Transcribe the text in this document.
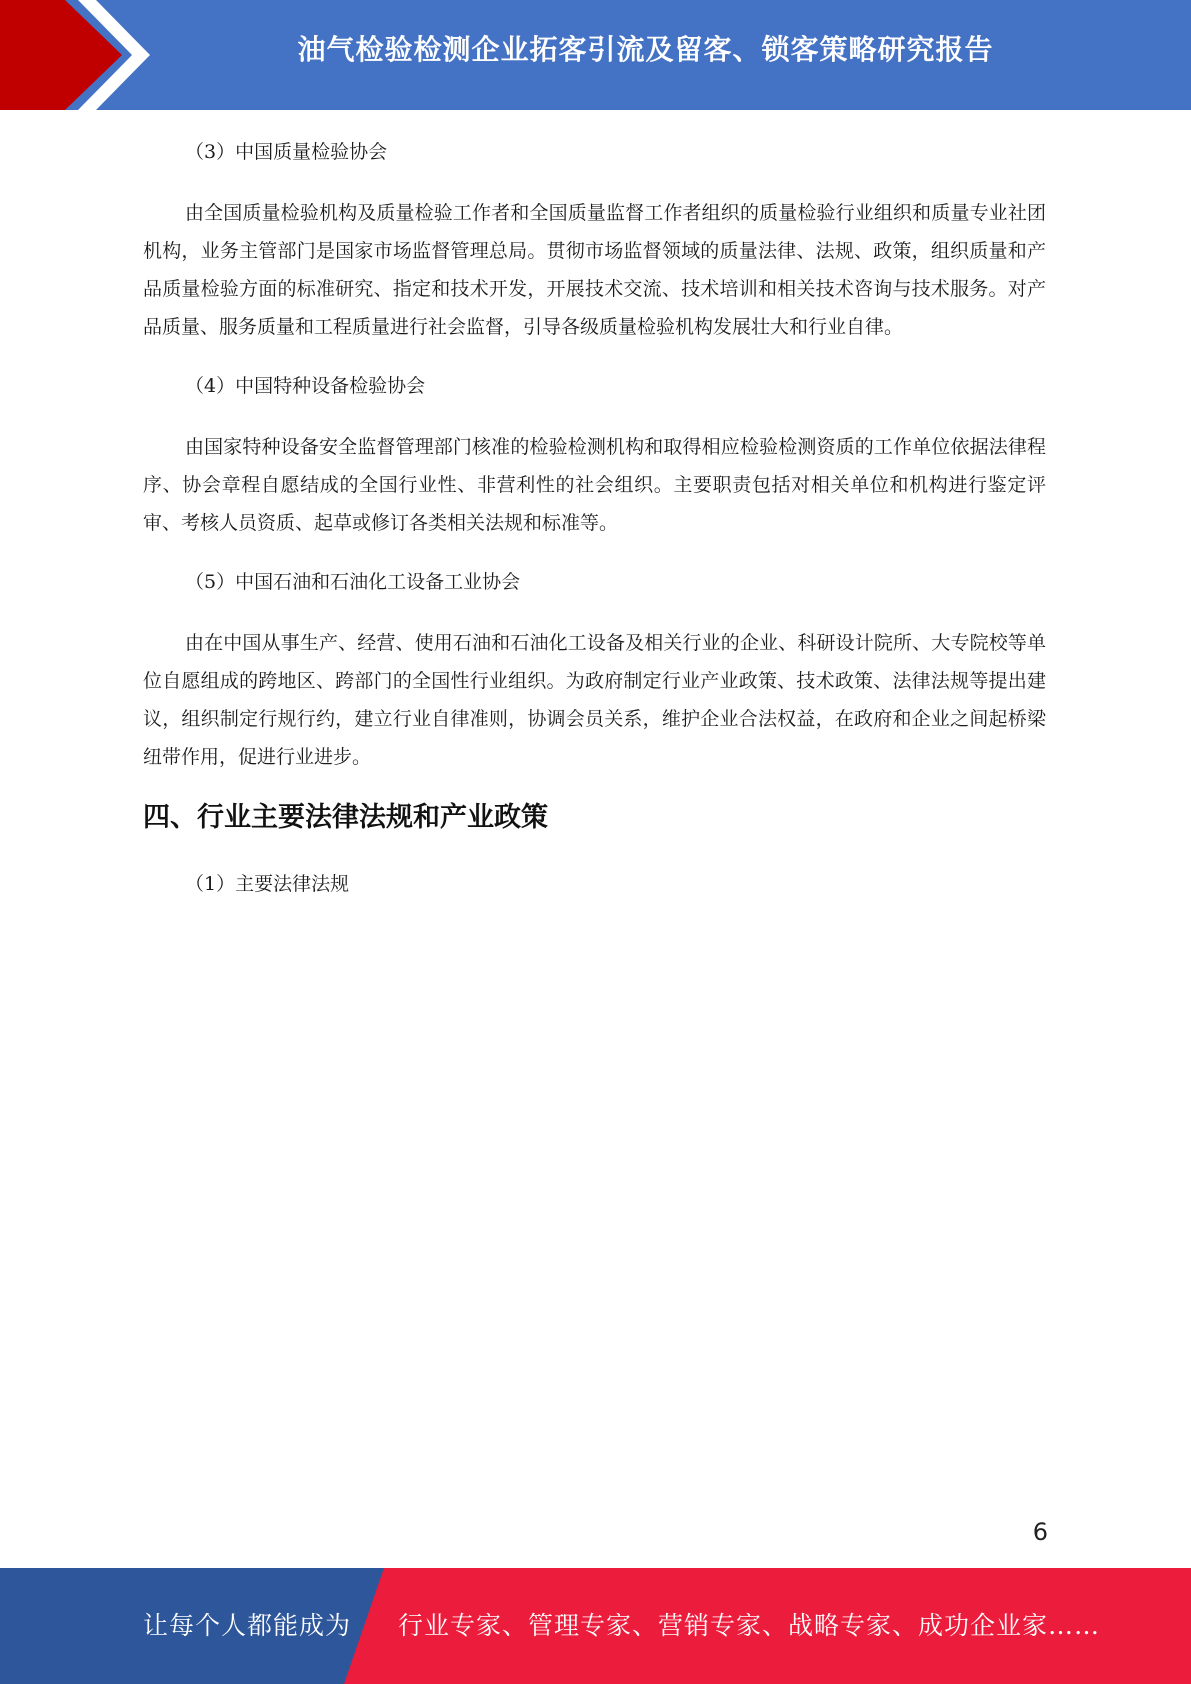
油气检验检测企业拓客引流及留客、锁客策略研究报告

（3）中国质量检验协会

由全国质量检验机构及质量检验工作者和全国质量监督工作者组织的质量检验行业组织和质量专业社团机构，业务主管部门是国家市场监督管理总局。贯彻市场监督领域的质量法律、法规、政策，组织质量和产品质量检验方面的标准研究、指定和技术开发，开展技术交流、技术培训和相关技术咨询与技术服务。对产品质量、服务质量和工程质量进行社会监督，引导各级质量检验机构发展壮大和行业自律。

（4）中国特种设备检验协会

由国家特种设备安全监督管理部门核准的检验检测机构和取得相应检验检测资质的工作单位依据法律程序、协会章程自愿结成的全国行业性、非营利性的社会组织。主要职责包括对相关单位和机构进行鉴定评审、考核人员资质、起草或修订各类相关法规和标准等。

（5）中国石油和石油化工设备工业协会

由在中国从事生产、经营、使用石油和石油化工设备及相关行业的企业、科研设计院所、大专院校等单位自愿组成的跨地区、跨部门的全国性行业组织。为政府制定行业产业政策、技术政策、法律法规等提出建议，组织制定行规行约，建立行业自律准则，协调会员关系，维护企业合法权益，在政府和企业之间起桥梁纽带作用，促进行业进步。

四、行业主要法律法规和产业政策

（1）主要法律法规

6
让每个人都能成为 行业专家、管理专家、营销专家、战略专家、成功企业家……
